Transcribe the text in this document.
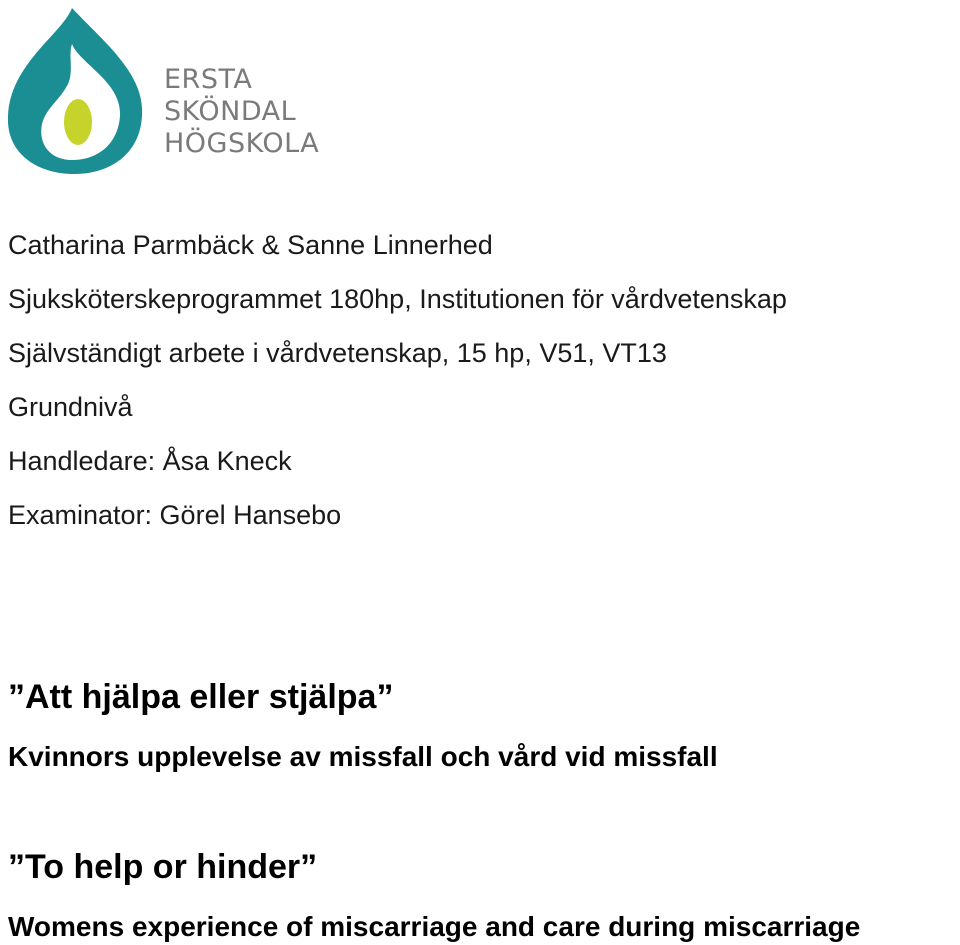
ERSTA
SKÖNDAL
HÖGSKOLA
Catharina Parmbäck & Sanne Linnerhed
Sjuksköterskeprogrammet 180hp, Institutionen för vårdvetenskap
Självständigt arbete i vårdvetenskap, 15 hp, V51, VT13
Grundnivå
Handledare: Åsa Kneck
Examinator: Görel Hansebo
”Att hjälpa eller stjälpa”
Kvinnors upplevelse av missfall och vård vid missfall
”To help or hinder”
Womens experience of miscarriage and care during miscarriage
